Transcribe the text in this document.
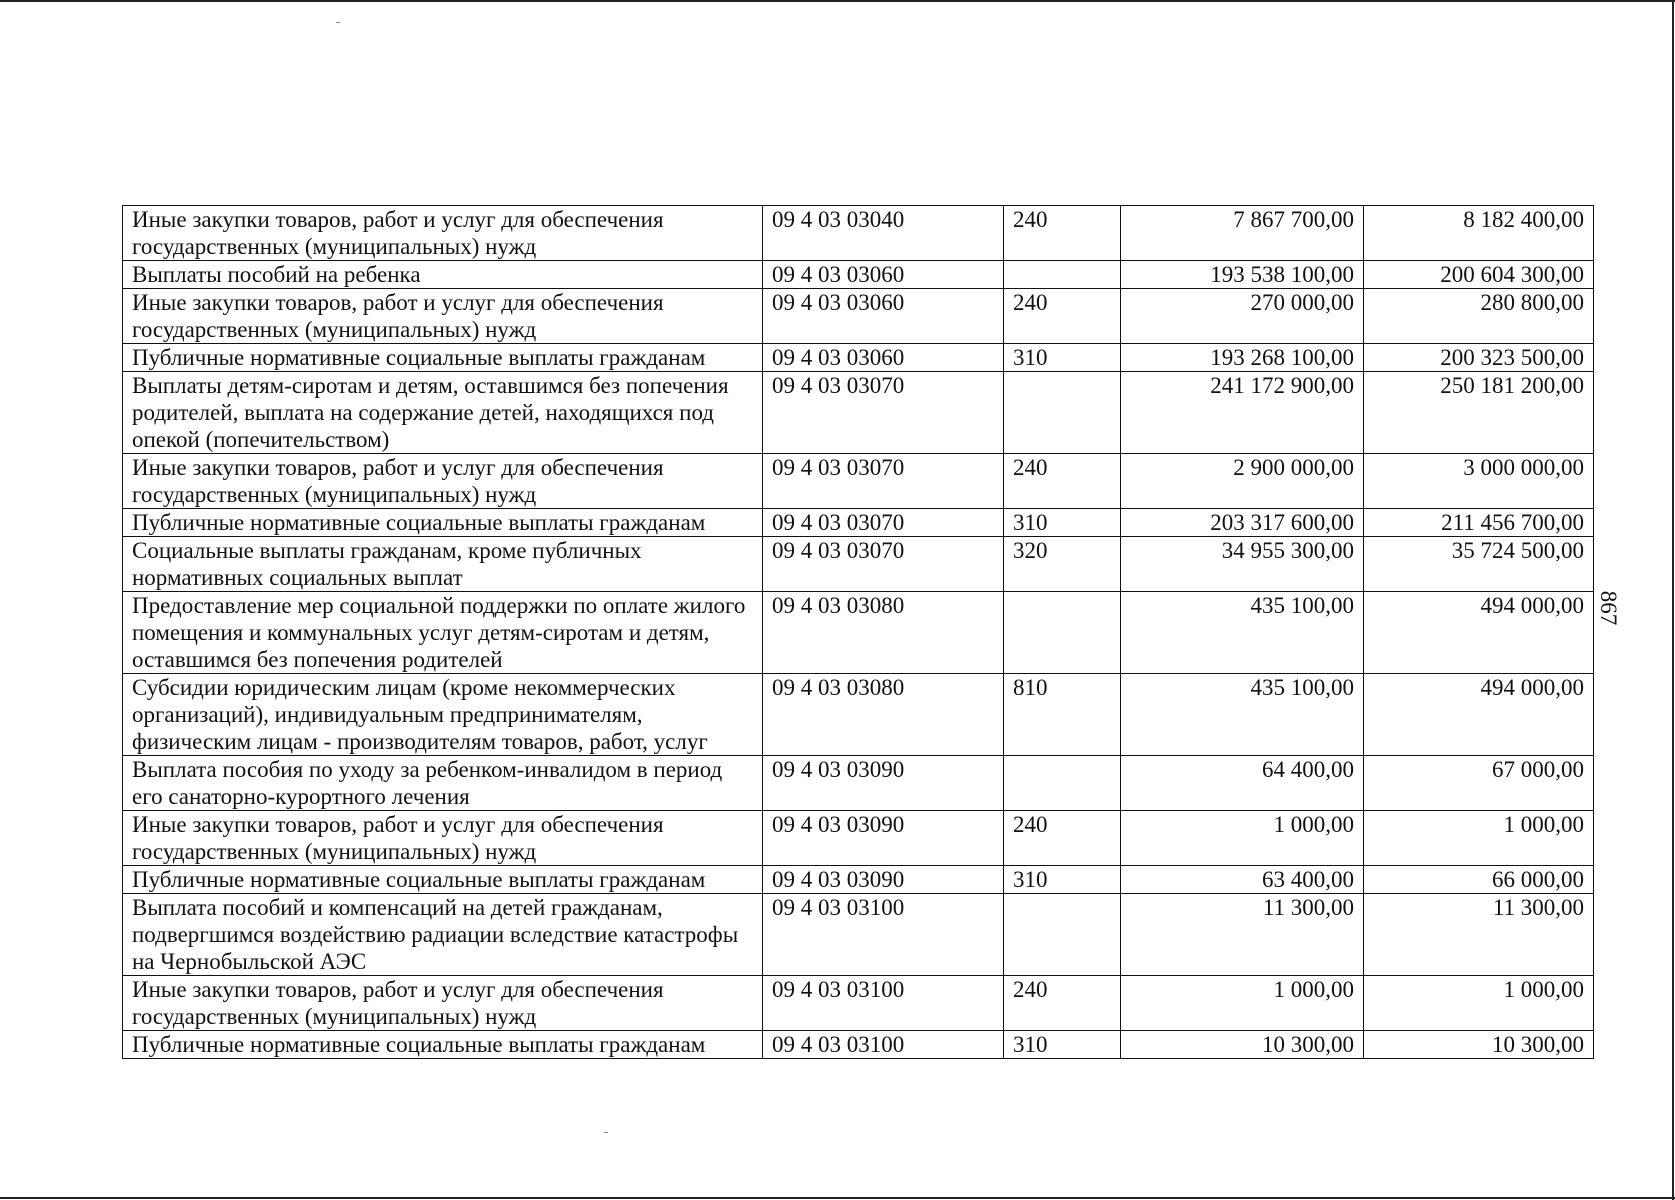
867
Иные закупки товаров, работ и услуг для обеспечения государственных (муниципальных) нужд	09 4 03 03040	240	7 867 700,00	8 182 400,00
Выплаты пособий на ребенка	09 4 03 03060		193 538 100,00	200 604 300,00
Иные закупки товаров, работ и услуг для обеспечения государственных (муниципальных) нужд	09 4 03 03060	240	270 000,00	280 800,00
Публичные нормативные социальные выплаты гражданам	09 4 03 03060	310	193 268 100,00	200 323 500,00
Выплаты детям-сиротам и детям, оставшимся без попечения родителей, выплата на содержание детей, находящихся под опекой (попечительством)	09 4 03 03070		241 172 900,00	250 181 200,00
Иные закупки товаров, работ и услуг для обеспечения государственных (муниципальных) нужд	09 4 03 03070	240	2 900 000,00	3 000 000,00
Публичные нормативные социальные выплаты гражданам	09 4 03 03070	310	203 317 600,00	211 456 700,00
Социальные выплаты гражданам, кроме публичных нормативных социальных выплат	09 4 03 03070	320	34 955 300,00	35 724 500,00
Предоставление мер социальной поддержки по оплате жилого помещения и коммунальных услуг детям-сиротам и детям, оставшимся без попечения родителей	09 4 03 03080		435 100,00	494 000,00
Субсидии юридическим лицам (кроме некоммерческих организаций), индивидуальным предпринимателям, физическим лицам - производителям товаров, работ, услуг	09 4 03 03080	810	435 100,00	494 000,00
Выплата пособия по уходу за ребенком-инвалидом в период его санаторно-курортного лечения	09 4 03 03090		64 400,00	67 000,00
Иные закупки товаров, работ и услуг для обеспечения государственных (муниципальных) нужд	09 4 03 03090	240	1 000,00	1 000,00
Публичные нормативные социальные выплаты гражданам	09 4 03 03090	310	63 400,00	66 000,00
Выплата пособий и компенсаций на детей гражданам, подвергшимся воздействию радиации вследствие катастрофы на Чернобыльской АЭС	09 4 03 03100		11 300,00	11 300,00
Иные закупки товаров, работ и услуг для обеспечения государственных (муниципальных) нужд	09 4 03 03100	240	1 000,00	1 000,00
Публичные нормативные социальные выплаты гражданам	09 4 03 03100	310	10 300,00	10 300,00
